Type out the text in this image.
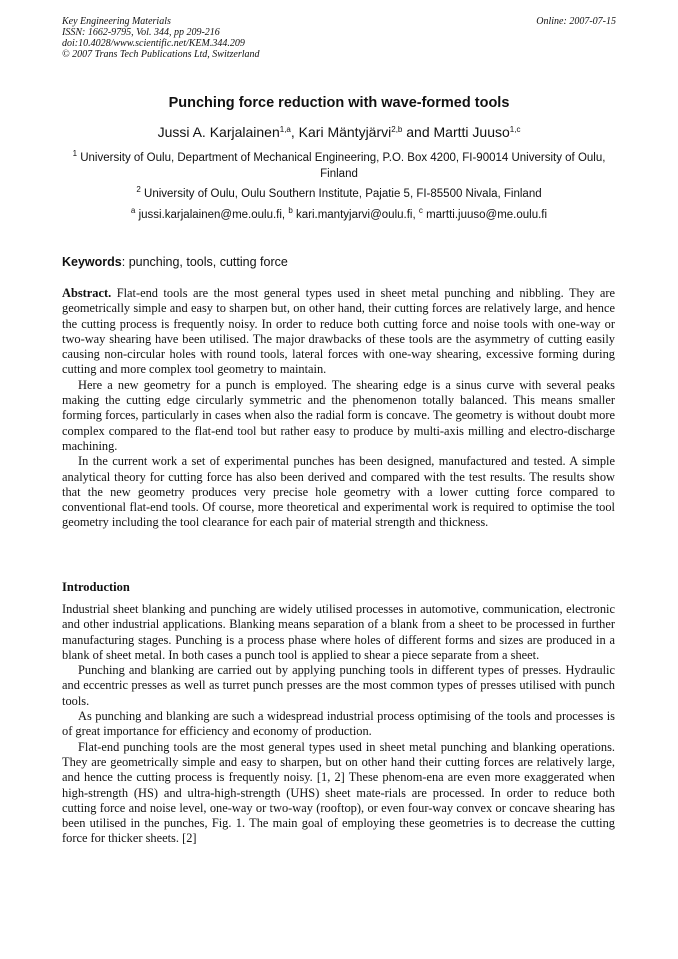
Key Engineering Materials
ISSN: 1662-9795, Vol. 344, pp 209-216
doi:10.4028/www.scientific.net/KEM.344.209
© 2007 Trans Tech Publications Ltd, Switzerland
Online: 2007-07-15
Punching force reduction with wave-formed tools
Jussi A. Karjalainen$^{1,a}$, Kari Mäntyjärvi$^{2,b}$ and Martti Juuso$^{1,c}$
$^1$ University of Oulu, Department of Mechanical Engineering, P.O. Box 4200, FI-90014 University of Oulu, Finland
$^2$ University of Oulu, Oulu Southern Institute, Pajatie 5, FI-85500 Nivala, Finland
$^a$ jussi.karjalainen@me.oulu.fi, $^b$ kari.mantyjarvi@oulu.fi, $^c$ martti.juuso@me.oulu.fi
Keywords: punching, tools, cutting force

Abstract. Flat-end tools are the most general types used in sheet metal punching and nibbling. They are geometrically simple and easy to sharpen but, on other hand, their cutting forces are relatively large, and hence the cutting process is frequently noisy. In order to reduce both cutting force and noise tools with one-way or two-way shearing have been utilised. The major drawbacks of these tools are the asymmetry of cutting easily causing non-circular holes with round tools, lateral forces with one-way shearing, excessive forming during cutting and more complex tool geometry to maintain.

Here a new geometry for a punch is employed. The shearing edge is a sinus curve with several peaks making the cutting edge circularly symmetric and the phenomenon totally balanced. This means smaller forming forces, particularly in cases when also the radial form is concave. The geometry is without doubt more complex compared to the flat-end tool but rather easy to produce by multi-axis milling and electro-discharge machining.

In the current work a set of experimental punches has been designed, manufactured and tested. A simple analytical theory for cutting force has also been derived and compared with the test results. The results show that the new geometry produces very precise hole geometry with a lower cutting force compared to conventional flat-end tools. Of course, more theoretical and experimental work is required to optimise the tool geometry including the tool clearance for each pair of material strength and thickness.

Introduction

Industrial sheet blanking and punching are widely utilised processes in automotive, communication, electronic and other industrial applications. Blanking means separation of a blank from a sheet to be processed in further manufacturing stages. Punching is a process phase where holes of different forms and sizes are produced in a blank of sheet metal. In both cases a punch tool is applied to shear a piece separate from a sheet.

Punching and blanking are carried out by applying punching tools in different types of presses. Hydraulic and eccentric presses as well as turret punch presses are the most common types of presses utilised with punch tools.

As punching and blanking are such a widespread industrial process optimising of the tools and processes is of great importance for efficiency and economy of production.

Flat-end punching tools are the most general types used in sheet metal punching and blanking operations. They are geometrically simple and easy to sharpen, but on other hand their cutting forces are relatively large, and hence the cutting process is frequently noisy. [1, 2] These phenom-ena are even more exaggerated when high-strength (HS) and ultra-high-strength (UHS) sheet mate-rials are processed. In order to reduce both cutting force and noise level, one-way or two-way (rooftop), or even four-way convex or concave shearing has been utilised in the punches, Fig. 1. The main goal of employing these geometries is to decrease the cutting force for thicker sheets. [2]
